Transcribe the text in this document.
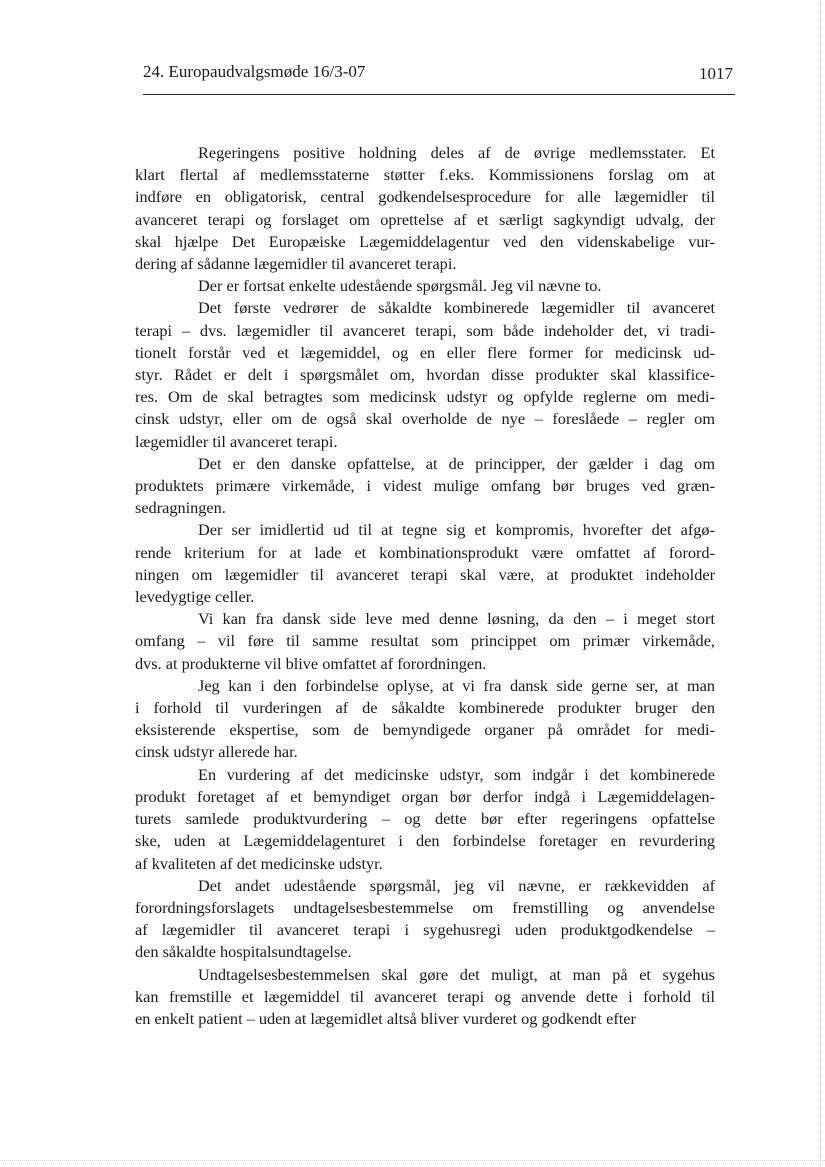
24. Europaudvalgsmøde 16/3-07	1017
Regeringens positive holdning deles af de øvrige medlemsstater. Et
klart flertal af medlemsstaterne støtter f.eks. Kommissionens forslag om at
indføre en obligatorisk, central godkendelsesprocedure for alle lægemidler til
avanceret terapi og forslaget om oprettelse af et særligt sagkyndigt udvalg, der
skal hjælpe Det Europæiske Lægemiddelagentur ved den videnskabelige vur-
dering af sådanne lægemidler til avanceret terapi.
Der er fortsat enkelte udestående spørgsmål. Jeg vil nævne to.
Det første vedrører de såkaldte kombinerede lægemidler til avanceret
terapi – dvs. lægemidler til avanceret terapi, som både indeholder det, vi tradi-
tionelt forstår ved et lægemiddel, og en eller flere former for medicinsk ud-
styr. Rådet er delt i spørgsmålet om, hvordan disse produkter skal klassifice-
res. Om de skal betragtes som medicinsk udstyr og opfylde reglerne om medi-
cinsk udstyr, eller om de også skal overholde de nye – foreslåede – regler om
lægemidler til avanceret terapi.
Det er den danske opfattelse, at de principper, der gælder i dag om
produktets primære virkemåde, i videst mulige omfang bør bruges ved græn-
sedragningen.
Der ser imidlertid ud til at tegne sig et kompromis, hvorefter det afgø-
rende kriterium for at lade et kombinationsprodukt være omfattet af forord-
ningen om lægemidler til avanceret terapi skal være, at produktet indeholder
levedygtige celler.
Vi kan fra dansk side leve med denne løsning, da den – i meget stort
omfang – vil føre til samme resultat som princippet om primær virkemåde,
dvs. at produkterne vil blive omfattet af forordningen.
Jeg kan i den forbindelse oplyse, at vi fra dansk side gerne ser, at man
i forhold til vurderingen af de såkaldte kombinerede produkter bruger den
eksisterende ekspertise, som de bemyndigede organer på området for medi-
cinsk udstyr allerede har.
En vurdering af det medicinske udstyr, som indgår i det kombinerede
produkt foretaget af et bemyndiget organ bør derfor indgå i Lægemiddelagen-
turets samlede produktvurdering – og dette bør efter regeringens opfattelse
ske, uden at Lægemiddelagenturet i den forbindelse foretager en revurdering
af kvaliteten af det medicinske udstyr.
Det andet udestående spørgsmål, jeg vil nævne, er rækkevidden af
forordningsforslagets undtagelsesbestemmelse om fremstilling og anvendelse
af lægemidler til avanceret terapi i sygehusregi uden produktgodkendelse –
den såkaldte hospitalsundtagelse.
Undtagelsesbestemmelsen skal gøre det muligt, at man på et sygehus
kan fremstille et lægemiddel til avanceret terapi og anvende dette i forhold til
en enkelt patient – uden at lægemidlet altså bliver vurderet og godkendt efter
